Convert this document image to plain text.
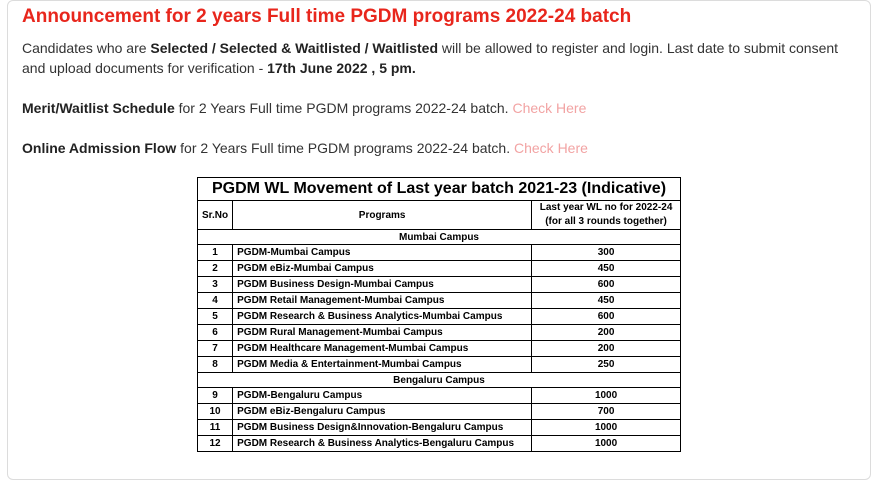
Announcement for 2 years Full time PGDM programs 2022-24 batch
Candidates who are Selected / Selected & Waitlisted / Waitlisted will be allowed to register and login. Last date to submit consent and upload documents for verification - 17th June 2022 , 5 pm.
Merit/Waitlist Schedule for 2 Years Full time PGDM programs 2022-24 batch. Check Here
Online Admission Flow for 2 Years Full time PGDM programs 2022-24 batch. Check Here
PGDM WL Movement of Last year batch 2021-23 (Indicative)		
Sr.No	Programs	Last year WL no for 2022-24
(for all 3 rounds together)
Mumbai Campus		
1	PGDM-Mumbai Campus	300
2	PGDM eBiz-Mumbai Campus	450
3	PGDM Business Design-Mumbai Campus	600
4	PGDM Retail Management-Mumbai Campus	450
5	PGDM Research & Business Analytics-Mumbai Campus	600
6	PGDM Rural Management-Mumbai Campus	200
7	PGDM Healthcare Management-Mumbai Campus	200
8	PGDM Media & Entertainment-Mumbai Campus	250
Bengaluru Campus		
9	PGDM-Bengaluru Campus	1000
10	PGDM eBiz-Bengaluru Campus	700
11	PGDM Business Design&Innovation-Bengaluru Campus	1000
12	PGDM Research & Business Analytics-Bengaluru Campus	1000
